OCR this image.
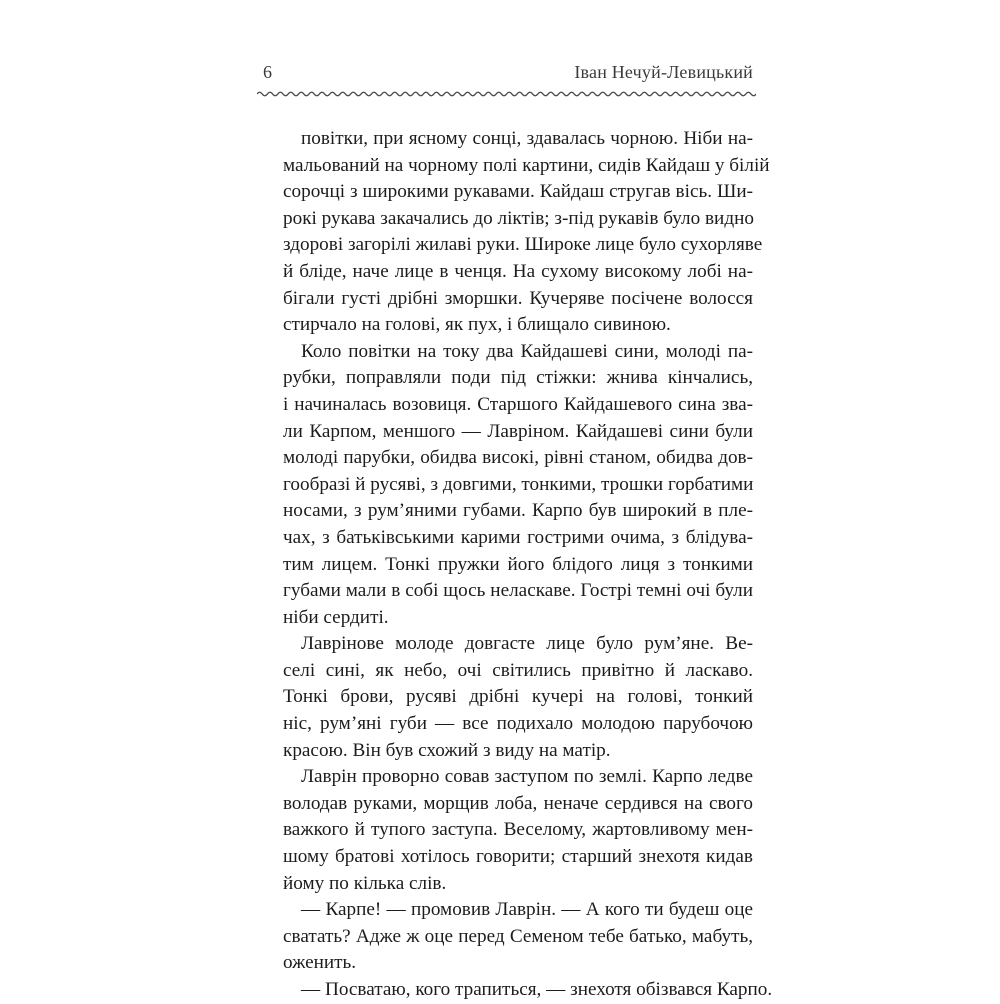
6	Іван Нечуй-Левицький
повітки, при ясному сонці, здавалась чорною. Ніби на-
мальований на чорному полі картини, сидів Кайдаш у білій
сорочці з широкими рукавами. Кайдаш стругав вісь. Ши-
рокі рукава закачались до ліктів; з-під рукавів було видно
здорові загорілі жилаві руки. Широке лице було сухорляве
й бліде, наче лице в ченця. На сухому високому лобі на-
бігали густі дрібні зморшки. Кучеряве посічене волосся
стирчало на голові, як пух, і блищало сивиною.
Коло повітки на току два Кайдашеві сини, молоді па-
рубки, поправляли поди під стіжки: жнива кінчались,
і начиналась возовиця. Старшого Кайдашевого сина зва-
ли Карпом, меншого — Лавріном. Кайдашеві сини були
молоді парубки, обидва високі, рівні станом, обидва дов-
гообразі й русяві, з довгими, тонкими, трошки горбатими
носами, з рум’яними губами. Карпо був широкий в пле-
чах, з батьківськими карими гострими очима, з блідува-
тим лицем. Тонкі пружки його блідого лиця з тонкими
губами мали в собі щось неласкаве. Гострі темні очі були
ніби сердиті.
Лаврінове молоде довгасте лице було рум’яне. Ве-
селі сині, як небо, очі світились привітно й ласкаво.
Тонкі брови, русяві дрібні кучері на голові, тонкий
ніс, рум’яні губи — все подихало молодою парубочою
красою. Він був схожий з виду на матір.
Лаврін проворно совав заступом по землі. Карпо ледве
володав руками, морщив лоба, неначе сердився на свого
важкого й тупого заступа. Веселому, жартовливому мен-
шому братові хотілось говорити; старший знехотя кидав
йому по кілька слів.
— Карпе! — промовив Лаврін. — А кого ти будеш оце
сватать? Адже ж оце перед Семеном тебе батько, мабуть,
оженить.
— Посватаю, кого трапиться, — знехотя обізвався Карпо.
